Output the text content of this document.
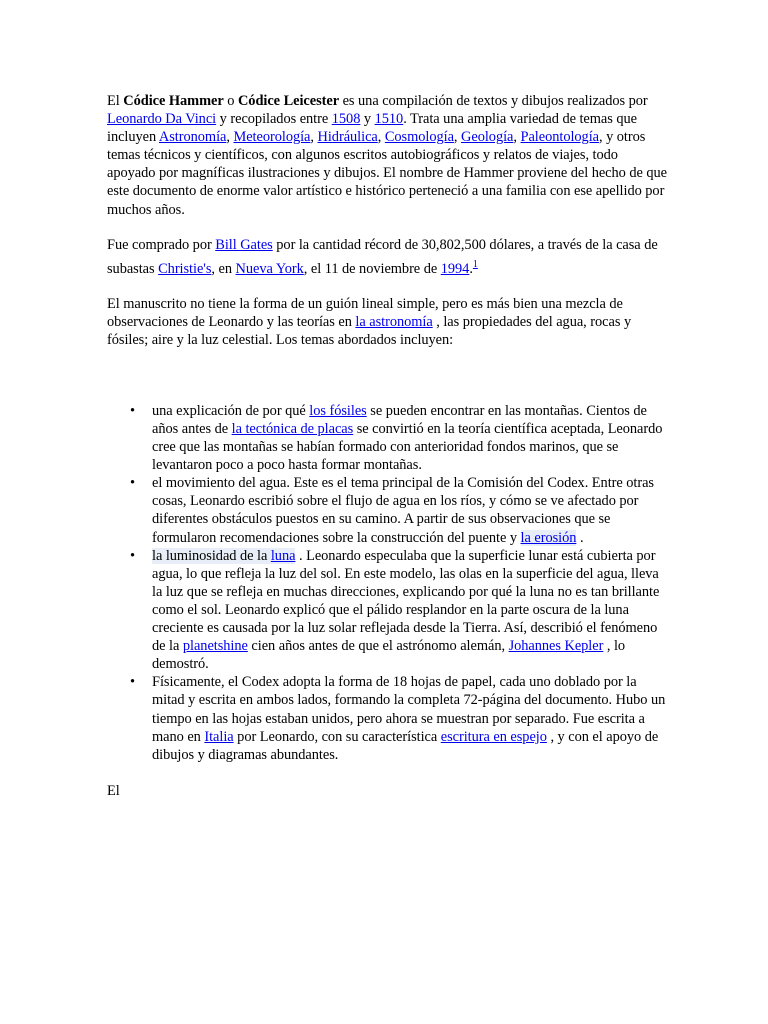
El Códice Hammer o Códice Leicester es una compilación de textos y dibujos realizados por Leonardo Da Vinci y recopilados entre 1508 y 1510. Trata una amplia variedad de temas que incluyen Astronomía, Meteorología, Hidráulica, Cosmología, Geología, Paleontología, y otros temas técnicos y científicos, con algunos escritos autobiográficos y relatos de viajes, todo apoyado por magníficas ilustraciones y dibujos. El nombre de Hammer proviene del hecho de que este documento de enorme valor artístico e histórico perteneció a una familia con ese apellido por muchos años.

Fue comprado por Bill Gates por la cantidad récord de 30,802,500 dólares, a través de la casa de subastas Christie's, en Nueva York, el 11 de noviembre de 1994.$^1$

El manuscrito no tiene la forma de un guión lineal simple, pero es más bien una mezcla de observaciones de Leonardo y las teorías en la astronomía , las propiedades del agua, rocas y fósiles; aire y la luz celestial. Los temas abordados incluyen:

• una explicación de por qué los fósiles se pueden encontrar en las montañas. Cientos de años antes de la tectónica de placas se convirtió en la teoría científica aceptada, Leonardo cree que las montañas se habían formado con anterioridad fondos marinos, que se levantaron poco a poco hasta formar montañas.
• el movimiento del agua. Este es el tema principal de la Comisión del Codex. Entre otras cosas, Leonardo escribió sobre el flujo de agua en los ríos, y cómo se ve afectado por diferentes obstáculos puestos en su camino. A partir de sus observaciones que se formularon recomendaciones sobre la construcción del puente y la erosión .
• la luminosidad de la luna . Leonardo especulaba que la superficie lunar está cubierta por agua, lo que refleja la luz del sol. En este modelo, las olas en la superficie del agua, lleva la luz que se refleja en muchas direcciones, explicando por qué la luna no es tan brillante como el sol. Leonardo explicó que el pálido resplandor en la parte oscura de la luna creciente es causada por la luz solar reflejada desde la Tierra. Así, describió el fenómeno de la planetshine cien años antes de que el astrónomo alemán, Johannes Kepler , lo demostró.
• Físicamente, el Codex adopta la forma de 18 hojas de papel, cada uno doblado por la mitad y escrita en ambos lados, formando la completa 72-página del documento. Hubo un tiempo en las hojas estaban unidos, pero ahora se muestran por separado. Fue escrita a mano en Italia por Leonardo, con su característica escritura en espejo , y con el apoyo de dibujos y diagramas abundantes.

El
